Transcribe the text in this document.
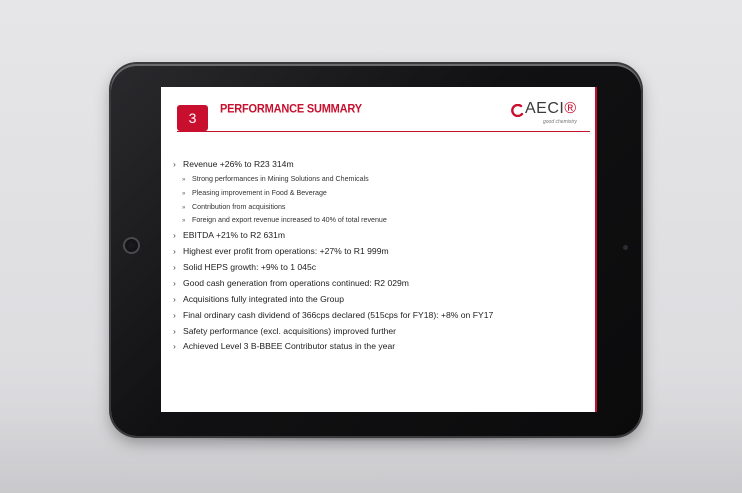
3
PERFORMANCE SUMMARY	AECI®
good chemistry
› Revenue +26% to R23 314m
» Strong performances in Mining Solutions and Chemicals
» Pleasing improvement in Food & Beverage
» Contribution from acquisitions
» Foreign and export revenue increased to 40% of total revenue
› EBITDA +21% to R2 631m
› Highest ever profit from operations: +27% to R1 999m
› Solid HEPS growth: +9% to 1 045c
› Good cash generation from operations continued: R2 029m
› Acquisitions fully integrated into the Group
› Final ordinary cash dividend of 366cps declared (515cps for FY18): +8% on FY17
› Safety performance (excl. acquisitions) improved further
› Achieved Level 3 B-BBEE Contributor status in the year
